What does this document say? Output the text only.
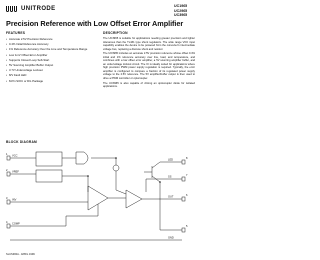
UNITRODE	UC1965
UC2965
UC3965
Precision Reference with Low Offset Error Amplifier
FEATURES
• Accurate 2.5V Precision Reference
• 0.4% Initial Reference Accuracy
• 1% Reference Accuracy Over the Line and Temperature Range
• Low 1mV Offset Error Amplifier
• Supports Closed Loop Soft-Start
• 5V Sourcing Amplifier Buffer Output
• 3.7V Undervoltage Lockout
• 8/V Fault LED
• 8-Pin SOIC or DIL Package
DESCRIPTION

The UC3965 is suitable for applications needing greater precision and tighter tolerances than the TL431 type shunt regulators. The wide range VCC input capability enables the device to be powered from the converter's intermediate voltage bus, replacing a discrete shunt and resistor.

The UC3965 includes an accurate 2.5V precision reference whose offset 0.4% initial and 1% reference accuracy over line, load, and temperature, and combines with a low offset error amplifier, a 5V sourcing amplifier buffer, and an undervoltage lockout circuit. The IC is ideally suited for applications where high precision PWM power supply regulation is required. Typically, the error amplifier is configured to compare a fraction of its regulated power supply voltage to the 2.5V reference. The 5V amplifier/buffer output is then used to drive a PWM controller or optocoupler.

The UC3965 is also capable of driving an optocoupler diode for isolated applications.

BLOCK DIAGRAM
VCC
VREF
INV
COMP
OUT
SS
GND
LED
1
2
3
4
8
7
6
5
SLUS384A - APRIL 1999
